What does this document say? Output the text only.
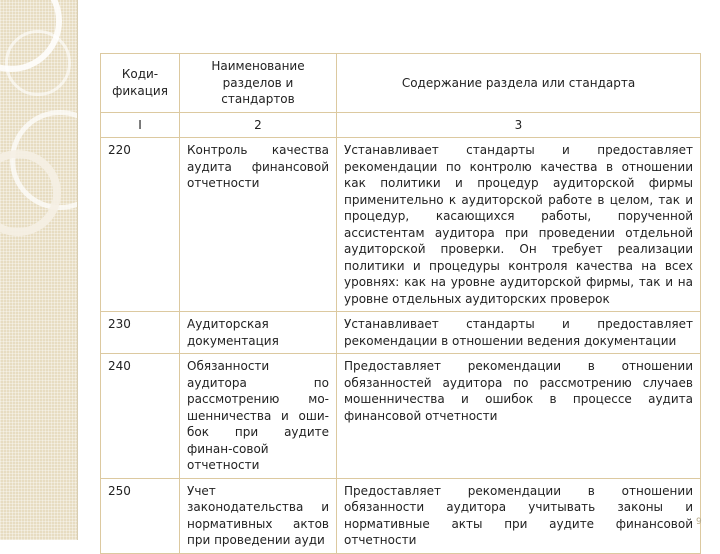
Коди-фикация	Наименование разделов и стандартов	Содержание раздела или стандарта
I	2	3
220	Контроль качества аудита финансовой отчетности	Устанавливает стандарты и предоставляет рекомендации по контролю качества в отношении как политики и процедур аудиторской фирмы применительно к аудиторской работе в целом, так и процедур, касающихся работы, порученной ассистентам аудитора при проведении отдельной аудиторской проверки. Он требует реализации политики и процедуры контроля качества на всех уровнях: как на уровне аудиторской фирмы, так и на уровне отдельных аудиторских проверок
230	Аудиторская документация	Устанавливает стандарты и предоставляет рекомендации в отношении ведения документации
240	Обязанности аудитора по рассмотрению мо-шенничества и оши-бок при аудите финан-совой отчетности	Предоставляет рекомендации в отношении обязанностей аудитора по рассмотрению случаев мошенничества и ошибок в процессе аудита финансовой отчетности
250	Учет законодательства и нормативных актов при проведении ауди	Предоставляет рекомендации в отношении обязанности аудитора учитывать законы и нормативные акты при аудите финансовой отчетности
9
